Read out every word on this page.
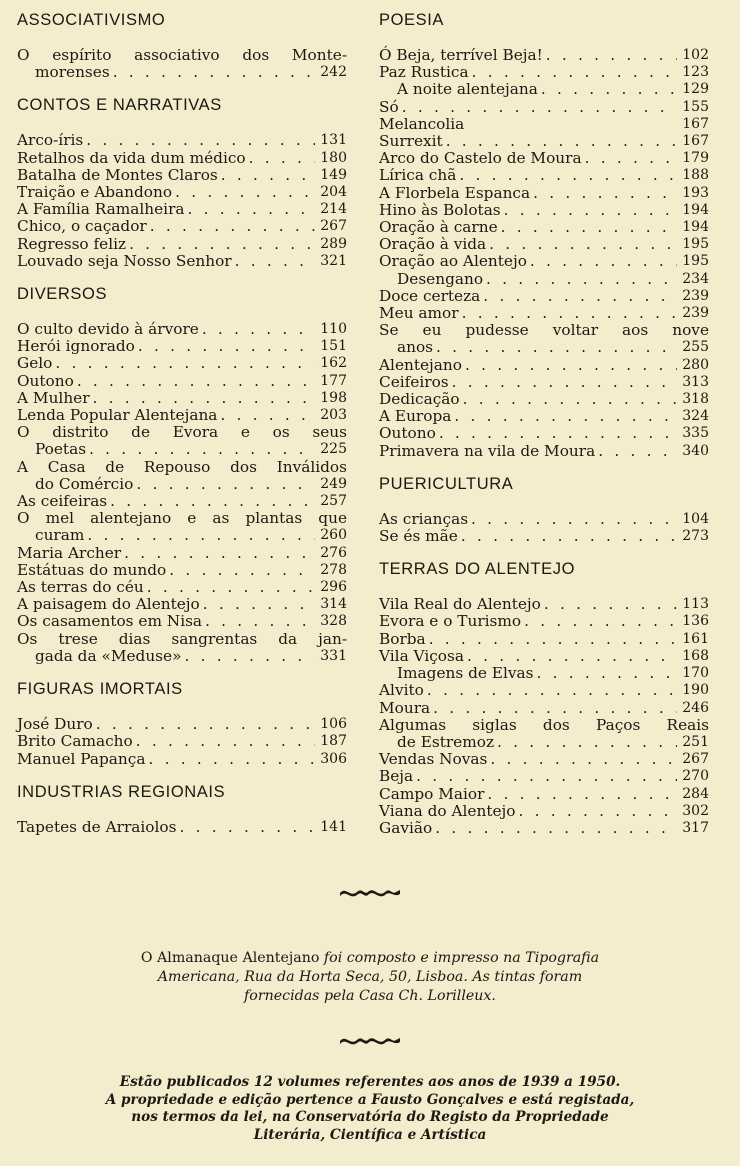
ASSOCIATIVISMO
O espírito associativo dos Monte-
morenses . . .	242
CONTOS E NARRATIVAS
Arco-íris . . .	131
Retalhos da vida dum médico . . .	180
Batalha de Montes Claros . . .	149
Traição e Abandono . . .	204
A Família Ramalheira . . .	214
Chico, o caçador . . .	267
Regresso feliz . . .	289
Louvado seja Nosso Senhor . . .	321
DIVERSOS
O culto devido à árvore . . .	110
Herói ignorado . . .	151
Gelo . . .	162
Outono . . .	177
A Mulher . . .	198
Lenda Popular Alentejana . . .	203
O distrito de Evora e os seus
Poetas . . .	225
A Casa de Repouso dos Inválidos
do Comércio . . .	249
As ceifeiras . . .	257
O mel alentejano e as plantas que
curam . . .	260
Maria Archer . . .	276
Estátuas do mundo . . .	278
As terras do céu . . .	296
A paisagem do Alentejo . . .	314
Os casamentos em Nisa . . .	328
Os trese dias sangrentas da jan-
gada da «Meduse» . . .	331
FIGURAS IMORTAIS
José Duro . . .	106
Brito Camacho . . .	187
Manuel Papança . . .	306
INDUSTRIAS REGIONAIS
Tapetes de Arraiolos . . .	141
POESIA
Ó Beja, terrível Beja! . . .	102
Paz Rustica . . .	123
A noite alentejana . . .	129
Só . . .	155
Melancolia	167
Surrexit . . .	167
Arco do Castelo de Moura . . .	179
Lírica chã . . .	188
A Florbela Espanca . . .	193
Hino às Bolotas . . .	194
Oração à carne . . .	194
Oração à vida . . .	195
Oração ao Alentejo . . .	195
Desengano . . .	234
Doce certeza . . .	239
Meu amor . . .	239
Se eu pudesse voltar aos nove
anos . . .	255
Alentejano . . .	280
Ceifeiros . . .	313
Dedicação . . .	318
A Europa . . .	324
Outono . . .	335
Primavera na vila de Moura . . .	340
PUERICULTURA
As crianças . . .	104
Se és mãe . . .	273
TERRAS DO ALENTEJO
Vila Real do Alentejo . . .	113
Evora e o Turismo . . .	136
Borba . . .	161
Vila Viçosa . . .	168
Imagens de Elvas . . .	170
Alvito . . .	190
Moura . . .	246
Algumas siglas dos Paços Reais
de Estremoz . . .	251
Vendas Novas . . .	267
Beja . . .	270
Campo Maior . . .	284
Viana do Alentejo . . .	302
Gavião . . .	317
O Almanaque Alentejano foi composto e impresso na Tipografia
Americana, Rua da Horta Seca, 50, Lisboa. As tintas foram
fornecidas pela Casa Ch. Lorilleux.
Estão publicados 12 volumes referentes aos anos de 1939 a 1950.
A propriedade e edição pertence a Fausto Gonçalves e está registada,
nos termos da lei, na Conservatória do Registo da Propriedade
Literária, Científica e Artística
